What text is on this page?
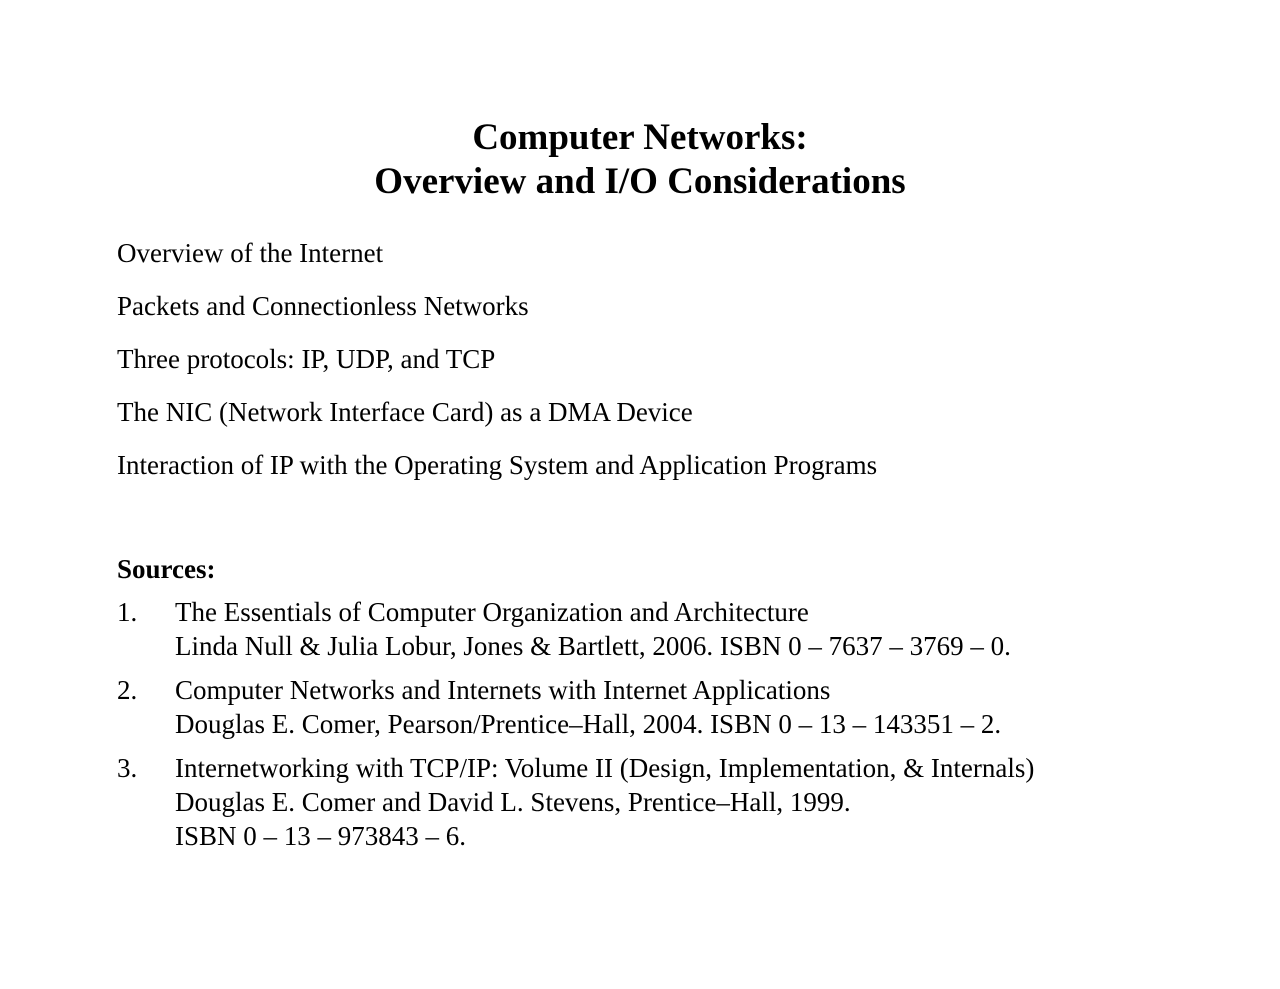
Computer Networks:
Overview and I/O Considerations
Overview of the Internet
Packets and Connectionless Networks
Three protocols: IP, UDP, and TCP
The NIC (Network Interface Card) as a DMA Device
Interaction of IP with the Operating System and Application Programs
Sources:
1. The Essentials of Computer Organization and Architecture
Linda Null & Julia Lobur, Jones & Bartlett, 2006. ISBN 0 – 7637 – 3769 – 0.
2. Computer Networks and Internets with Internet Applications
Douglas E. Comer, Pearson/Prentice–Hall, 2004. ISBN 0 – 13 – 143351 – 2.
3. Internetworking with TCP/IP: Volume II (Design, Implementation, & Internals)
Douglas E. Comer and David L. Stevens, Prentice–Hall, 1999.
ISBN 0 – 13 – 973843 – 6.
